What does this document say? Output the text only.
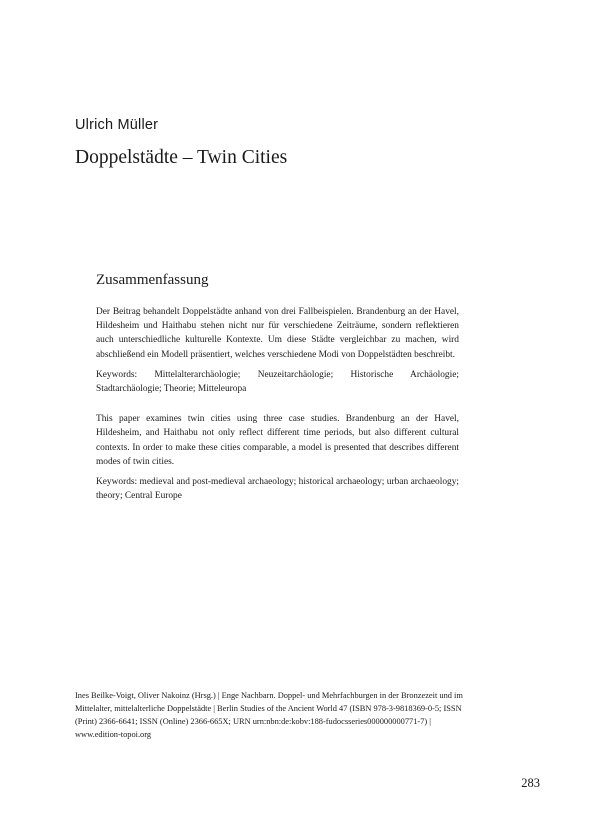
Ulrich Müller

Doppelstädte – Twin Cities
Zusammenfassung

Der Beitrag behandelt Doppelstädte anhand von drei Fallbeispielen. Brandenburg an der Havel, Hildesheim und Haithabu stehen nicht nur für verschiedene Zeiträume, sondern reflektieren auch unterschiedliche kulturelle Kontexte. Um diese Städte vergleichbar zu machen, wird abschließend ein Modell präsentiert, welches verschiedene Modi von Doppelstädten beschreibt.

Keywords: Mittelalterarchäologie; Neuzeitarchäologie; Historische Archäologie; Stadtarchäologie; Theorie; Mitteleuropa

This paper examines twin cities using three case studies. Brandenburg an der Havel, Hildesheim, and Haithabu not only reflect different time periods, but also different cultural contexts. In order to make these cities comparable, a model is presented that describes different modes of twin cities.

Keywords: medieval and post-medieval archaeology; historical archaeology; urban archaeology; theory; Central Europe

Ines Beilke-Voigt, Oliver Nakoinz (Hrsg.) | Enge Nachbarn. Doppel- und Mehrfachburgen in der Bronzezeit und im Mittelalter, mittelalterliche Doppelstädte | Berlin Studies of the Ancient World 47 (ISBN 978-3-9818369-0-5; ISSN (Print) 2366-6641; ISSN (Online) 2366-665X; URN urn:nbn:de:kobv:188-fudocsseries000000000771-7) | www.edition-topoi.org

283
